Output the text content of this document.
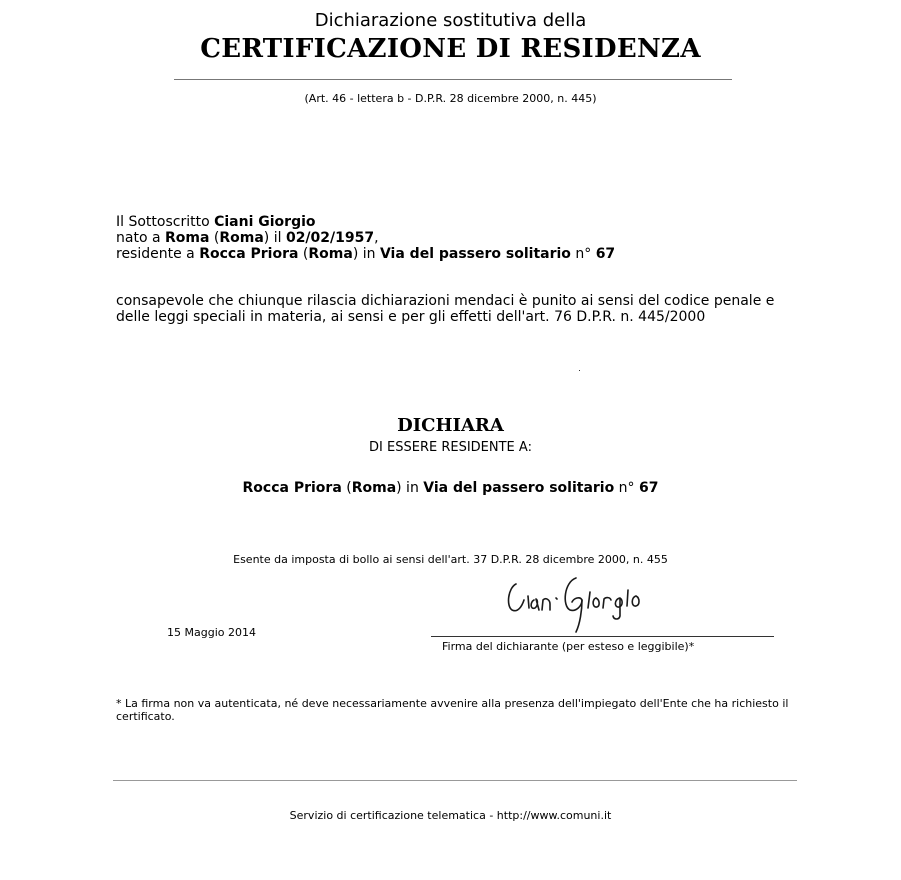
Dichiarazione sostitutiva della
CERTIFICAZIONE DI RESIDENZA
(Art. 46 - lettera b - D.P.R. 28 dicembre 2000, n. 445)
Il Sottoscritto Ciani Giorgio
nato a Roma (Roma) il 02/02/1957,
residente a Rocca Priora (Roma) in Via del passero solitario n° 67
consapevole che chiunque rilascia dichiarazioni mendaci è punito ai sensi del codice penale e delle leggi speciali in materia, ai sensi e per gli effetti dell'art. 76 D.P.R. n. 445/2000
DICHIARA
DI ESSERE RESIDENTE A:
Rocca Priora (Roma) in Via del passero solitario n° 67
Esente da imposta di bollo ai sensi dell'art. 37 D.P.R. 28 dicembre 2000, n. 455
15 Maggio 2014
Firma del dichiarante (per esteso e leggibile)*
* La firma non va autenticata, né deve necessariamente avvenire alla presenza dell'impiegato dell'Ente che ha richiesto il certificato.
Servizio di certificazione telematica - http://www.comuni.it
